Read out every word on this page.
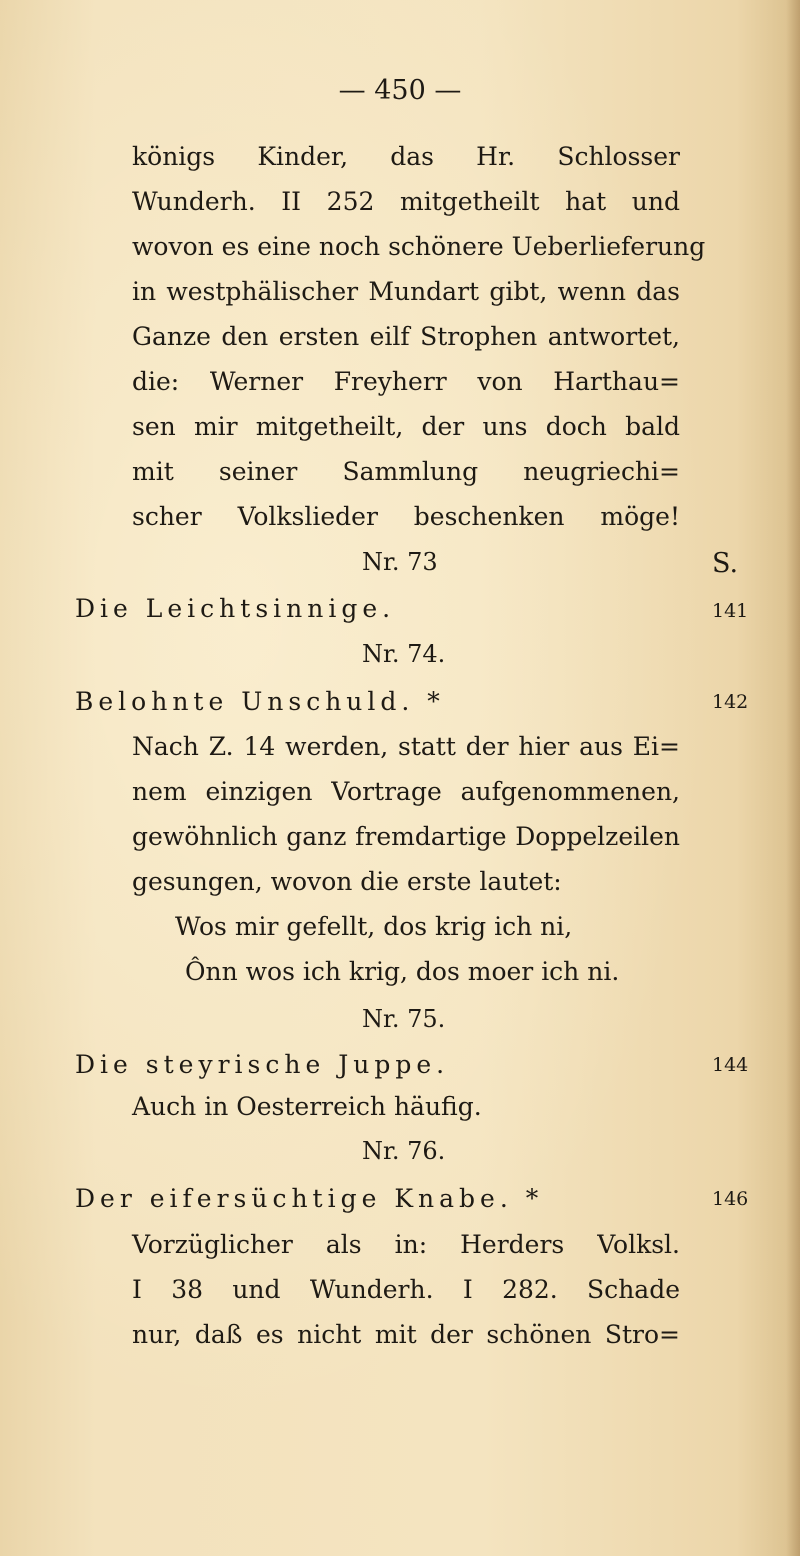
— 450 —
königs Kinder, das Hr. Schlosser
Wunderh. II 252 mitgetheilt hat und
wovon es eine noch schönere Ueberlieferung
in westphälischer Mundart gibt, wenn das
Ganze den ersten eilf Strophen antwortet,
die: Werner Freyherr von Harthau=
sen mir mitgetheilt, der uns doch bald
mit seiner Sammlung neugriechi=
scher Volkslieder beschenken möge!
Nr. 73	S.
Die Leichtsinnige.	141
Nr. 74.
Belohnte Unschuld. *	142
Nach Z. 14 werden, statt der hier aus Ei=
nem einzigen Vortrage aufgenommenen,
gewöhnlich ganz fremdartige Doppelzeilen
gesungen, wovon die erste lautet:
Wos mir gefellt, dos krig ich ni,
Ônn wos ich krig, dos moer ich ni.
Nr. 75.
Die steyrische Juppe.	144
Auch in Oesterreich häufig.
Nr. 76.
Der eifersüchtige Knabe. *	146
Vorzüglicher als in: Herders Volksl.
I 38 und Wunderh. I 282. Schade
nur, daß es nicht mit der schönen Stro=
